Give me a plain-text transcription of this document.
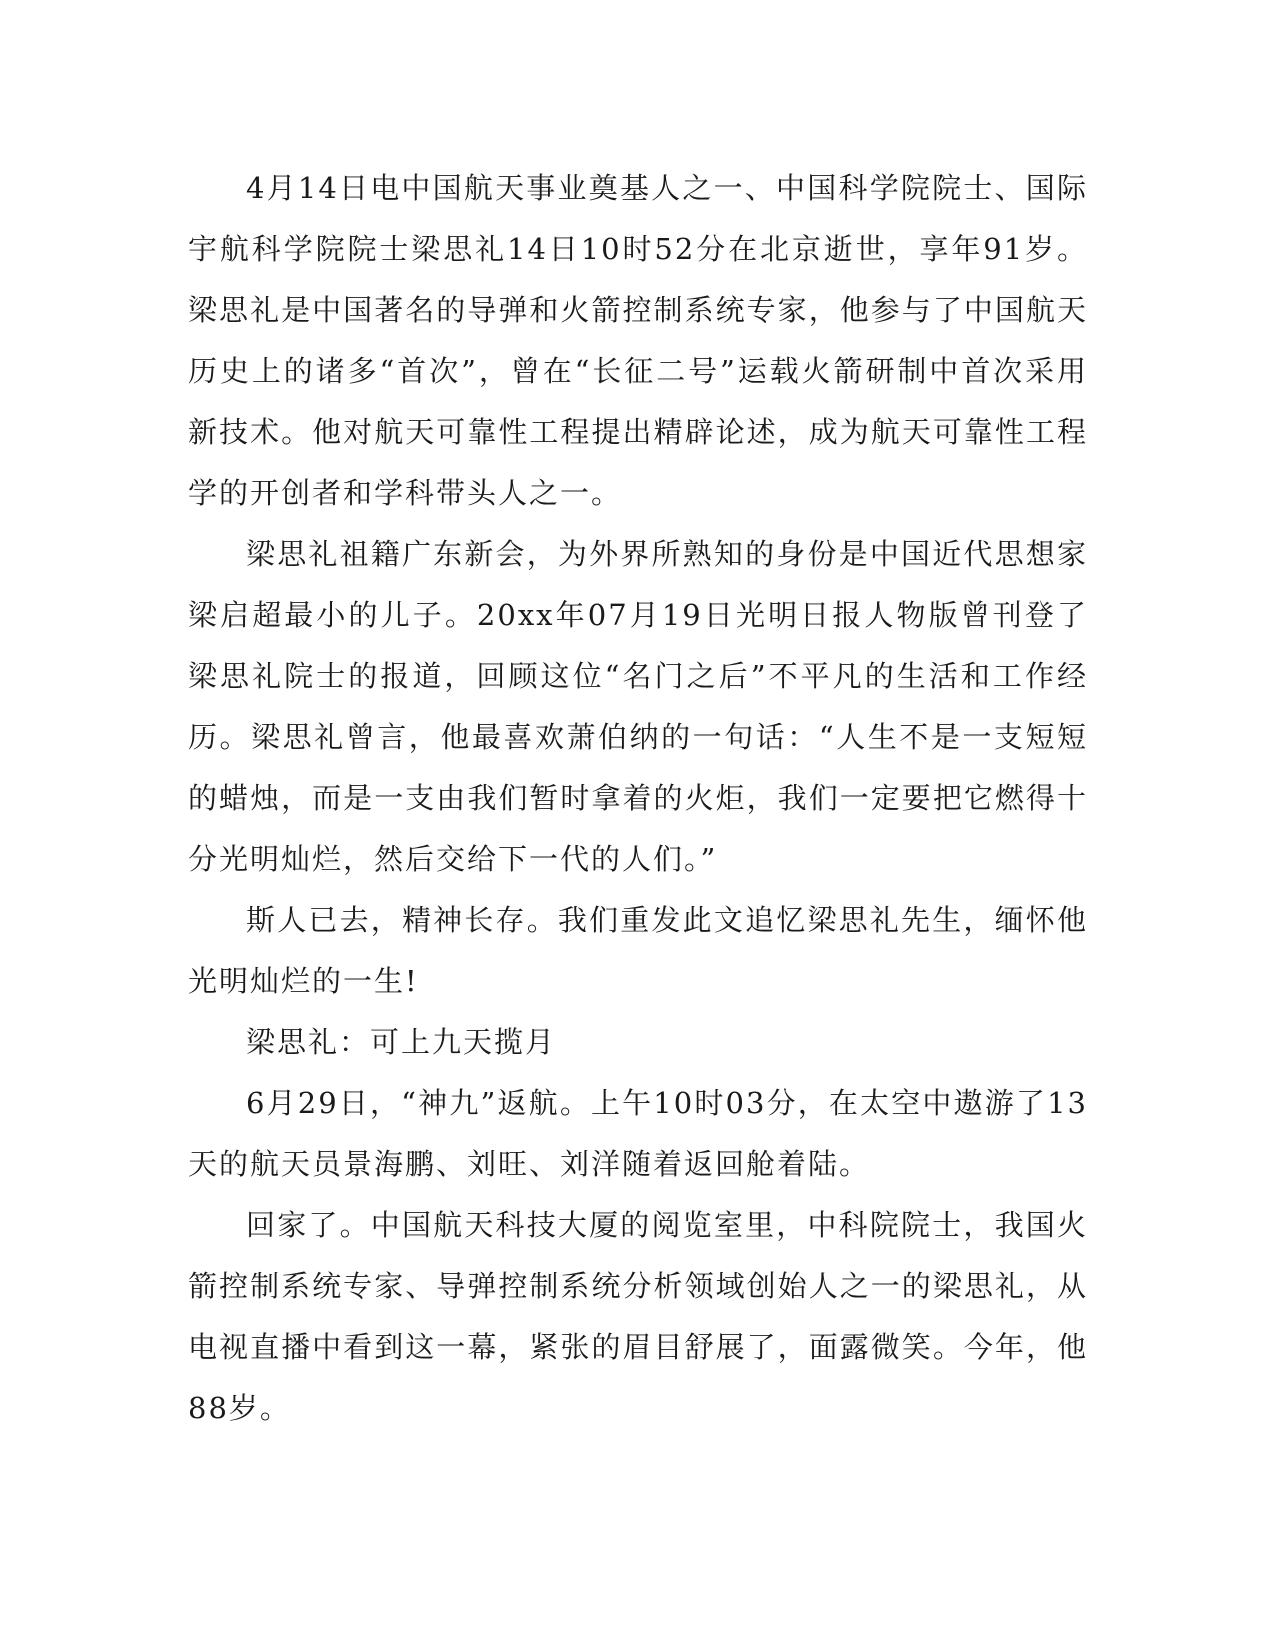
4月14日电中国航天事业奠基人之一、中国科学院院士、国际宇航科学院院士梁思礼14日10时52分在北京逝世，享年91岁。梁思礼是中国著名的导弹和火箭控制系统专家，他参与了中国航天历史上的诸多“首次”，曾在“长征二号”运载火箭研制中首次采用新技术。他对航天可靠性工程提出精辟论述，成为航天可靠性工程学的开创者和学科带头人之一。

梁思礼祖籍广东新会，为外界所熟知的身份是中国近代思想家梁启超最小的儿子。20xx年07月19日光明日报人物版曾刊登了梁思礼院士的报道，回顾这位“名门之后”不平凡的生活和工作经历。梁思礼曾言，他最喜欢萧伯纳的一句话：“人生不是一支短短的蜡烛，而是一支由我们暂时拿着的火炬，我们一定要把它燃得十分光明灿烂，然后交给下一代的人们。”

斯人已去，精神长存。我们重发此文追忆梁思礼先生，缅怀他光明灿烂的一生!

梁思礼：可上九天揽月

6月29日，“神九”返航。上午10时03分，在太空中遨游了13天的航天员景海鹏、刘旺、刘洋随着返回舱着陆。

回家了。中国航天科技大厦的阅览室里，中科院院士，我国火箭控制系统专家、导弹控制系统分析领域创始人之一的梁思礼，从电视直播中看到这一幕，紧张的眉目舒展了，面露微笑。今年，他88岁。
